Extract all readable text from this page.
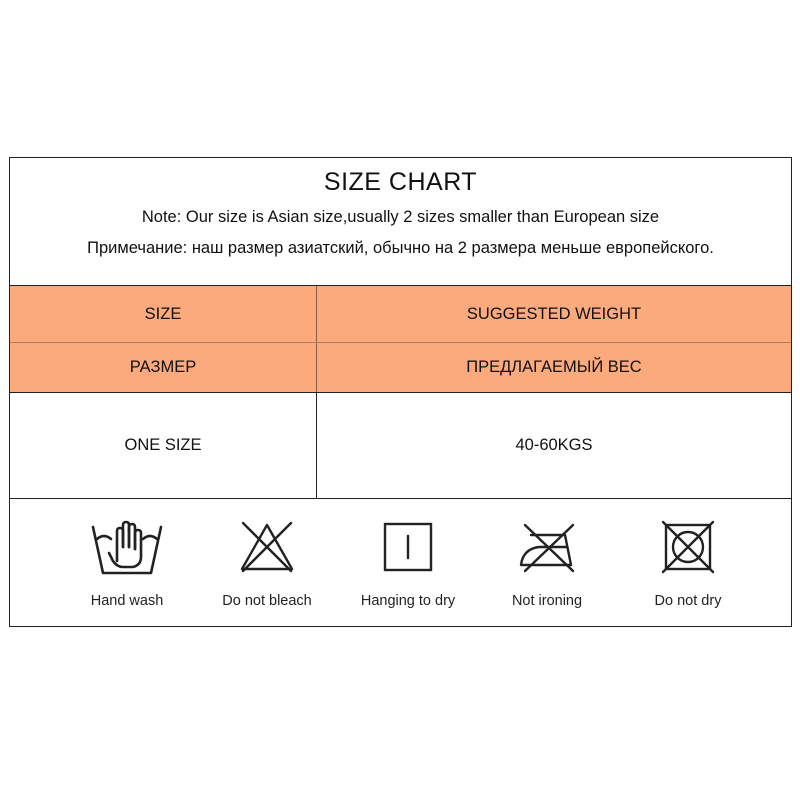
SIZE CHART
Note: Our size is Asian size,usually 2 sizes smaller than European size
Примечание: наш размер азиатский, обычно на 2 размера меньше европейского.
SIZE	SUGGESTED WEIGHT
РАЗМЕР	ПРЕДЛАГАЕМЫЙ ВЕС
ONE SIZE	40-60KGS
Hand wash	Do not bleach	Hanging to dry	Not ironing	Do not dry
